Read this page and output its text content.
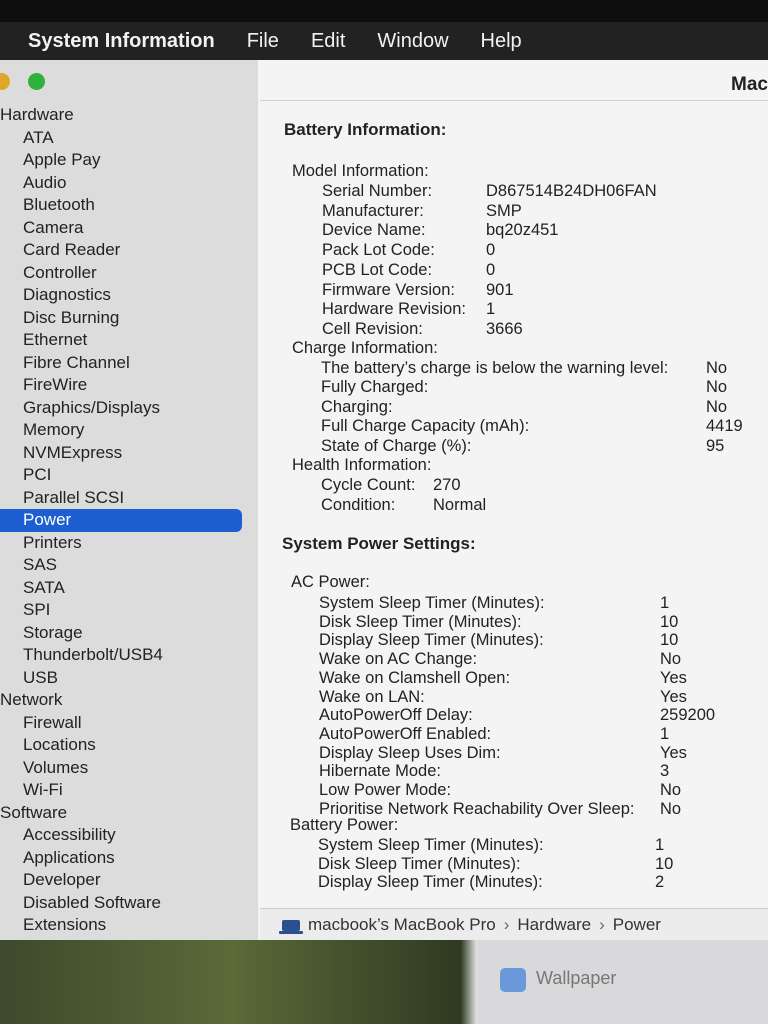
System Information File Edit Window Help
Hardware
ATA
Apple Pay
Audio
Bluetooth
Camera
Card Reader
Controller
Diagnostics
Disc Burning
Ethernet
Fibre Channel
FireWire
Graphics/Displays
Memory
NVMExpress
PCI
Parallel SCSI
Power
Printers
SAS
SATA
SPI
Storage
Thunderbolt/USB4
USB
Network
Firewall
Locations
Volumes
Wi-Fi
Software
Accessibility
Applications
Developer
Disabled Software
Extensions
Mac
macbook’s MacBook Pro › Hardware › Power
Battery Information:
Model Information:
Serial Number:	D867514B24DH06FAN
Manufacturer:	SMP
Device Name:	bq20z451
Pack Lot Code:	0
PCB Lot Code:	0
Firmware Version: 901
Hardware Revision: 1
Cell Revision:	3666
Charge Information:
The battery’s charge is below the warning level: No
Fully Charged:	No
Charging:	No
Full Charge Capacity (mAh):	4419
State of Charge (%):	95
Health Information:
Cycle Count: 270
Condition: Normal
System Power Settings:
AC Power:
System Sleep Timer (Minutes):	1
Disk Sleep Timer (Minutes):	10
Display Sleep Timer (Minutes):	10
Wake on AC Change:	No
Wake on Clamshell Open:	Yes
Wake on LAN:	Yes
AutoPowerOff Delay:	259200
AutoPowerOff Enabled:	1
Display Sleep Uses Dim:	Yes
Hibernate Mode:	3
Low Power Mode:	No
Prioritise Network Reachability Over Sleep: No
Battery Power:
System Sleep Timer (Minutes):	1
Disk Sleep Timer (Minutes):	10
Display Sleep Timer (Minutes):	2
Wallpaper
